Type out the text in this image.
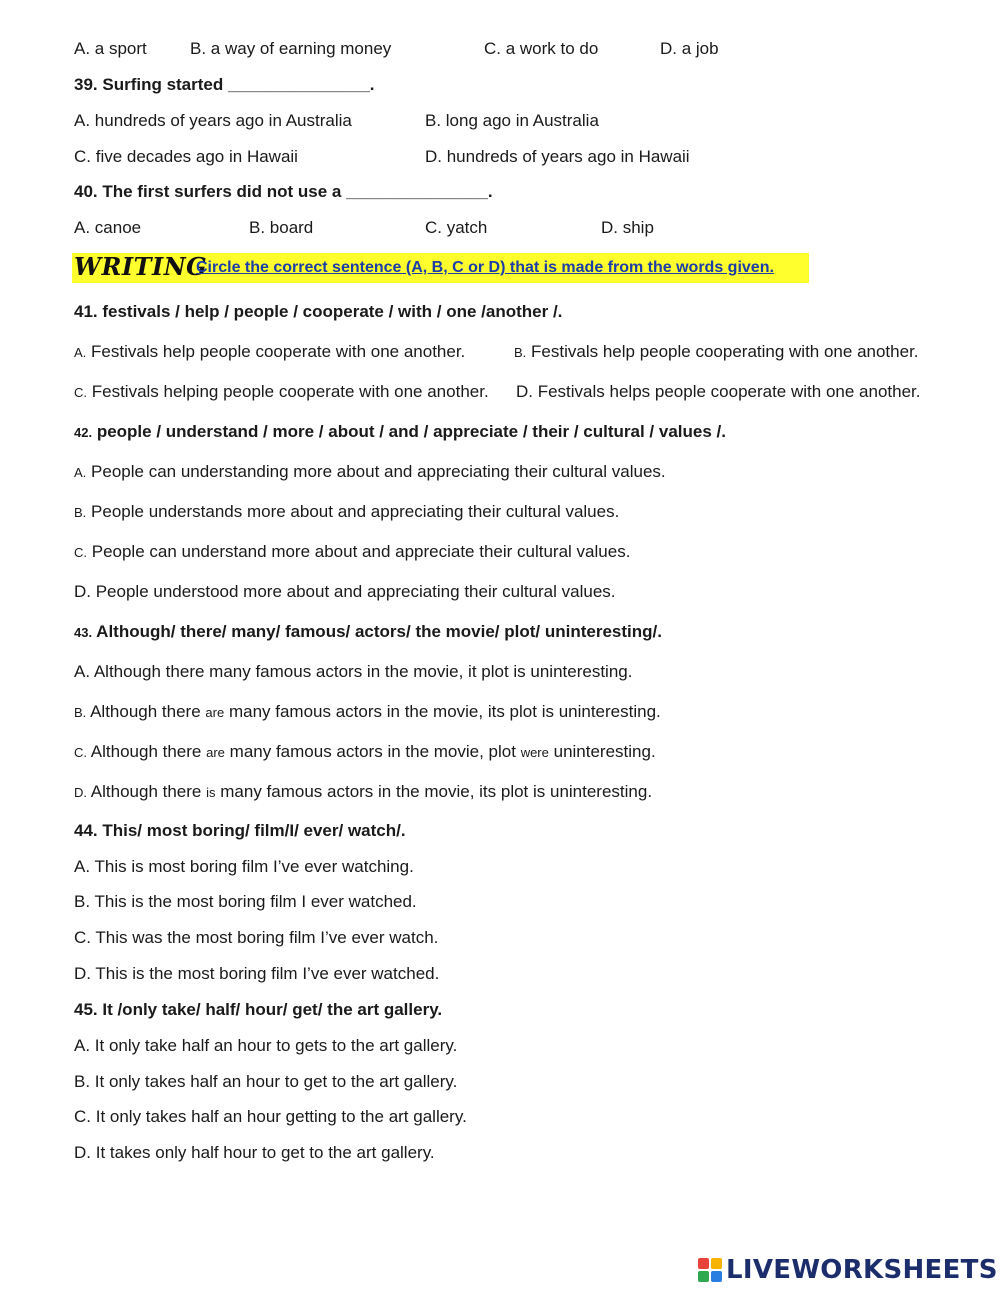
A. a sport	B. a way of earning money	C. a work to do	D. a job
39. Surfing started _______________.
A. hundreds of years ago in Australia	B. long ago in Australia
C. five decades ago in Hawaii	D. hundreds of years ago in Hawaii
40. The first surfers did not use a _______________.
A. canoe	B. board	C. yatch	D. ship
WRITING
Circle the correct sentence (A, B, C or D) that is made from the words given.
41. festivals / help / people / cooperate / with / one /another /.
A. Festivals help people cooperate with one another.	B. Festivals help people cooperating with one another.
C. Festivals helping people cooperate with one another. D. Festivals helps people cooperate with one another.
42. people / understand / more / about / and / appreciate / their / cultural / values /.
A. People can understanding more about and appreciating their cultural values.
B. People understands more about and appreciating their cultural values.
C. People can understand more about and appreciate their cultural values.
D. People understood more about and appreciating their cultural values.
43. Although/ there/ many/ famous/ actors/ the movie/ plot/ uninteresting/.
A. Although there many famous actors in the movie, it plot is uninteresting.
B. Although there are many famous actors in the movie, its plot is uninteresting.
C. Although there are many famous actors in the movie, plot were uninteresting.
D. Although there is many famous actors in the movie, its plot is uninteresting.
44. This/ most boring/ film/I/ ever/ watch/.
A. This is most boring film I’ve ever watching.
B. This is the most boring film I ever watched.
C. This was the most boring film I’ve ever watch.
D. This is the most boring film I’ve ever watched.
45. It /only take/ half/ hour/ get/ the art gallery.
A. It only take half an hour to gets to the art gallery.
B. It only takes half an hour to get to the art gallery.
C. It only takes half an hour getting to the art gallery.
D. It takes only half hour to get to the art gallery.
LIVEWORKSHEETS
